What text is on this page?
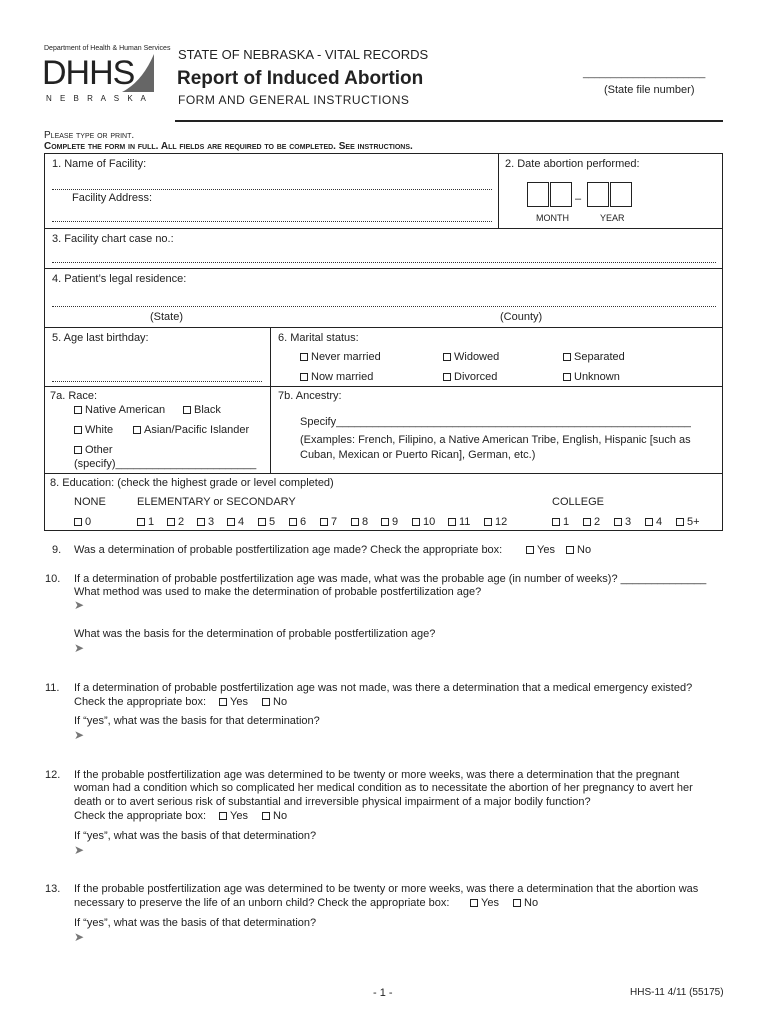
Department of Health & Human Services
DHHS
N E B R A S K A
STATE OF NEBRASKA - VITAL RECORDS
Report of Induced Abortion
FORM AND GENERAL INSTRUCTIONS
______________________
(State file number)
Please type or print.
Complete the form in full. All fields are required to be completed. See instructions.
1. Name of Facility:
Facility Address:
2. Date abortion performed:
–
MONTH	YEAR
3. Facility chart case no.:
4. Patient’s legal residence:
(State)	(County)
5. Age last birthday:	6. Marital status:
Never married	Widowed	Separated
Now married	Divorced	Unknown
7a. Race:
Native American	Black
White	Asian/Pacific Islander
Other
(specify)_______________________
7b. Ancestry:
Specify__________________________________________________________
(Examples: French, Filipino, a Native American Tribe, English, Hispanic [such as
Cuban, Mexican or Puerto Rican], German, etc.)
8. Education: (check the highest grade or level completed)
NONE	ELEMENTARY or SECONDARY	COLLEGE
0	1	2	3	4	5	6	7	8	9	10	11	12	1	2	3	4	5+
9. Was a determination of probable postfertilization age made? Check the appropriate box:	Yes	No
10. If a determination of probable postfertilization age was made, what was the probable age (in number of weeks)? ______________
What method was used to make the determination of probable postfertilization age?
➤
What was the basis for the determination of probable postfertilization age?
➤
11. If a determination of probable postfertilization age was not made, was there a determination that a medical emergency existed?
Check the appropriate box:	Yes	No
If “yes”, what was the basis for that determination?
➤
12. If the probable postfertilization age was determined to be twenty or more weeks, was there a determination that the pregnant
woman had a condition which so complicated her medical condition as to necessitate the abortion of her pregnancy to avert her
death or to avert serious risk of substantial and irreversible physical impairment of a major bodily function?
Check the appropriate box:	Yes	No
If “yes”, what was the basis of that determination?
➤
13. If the probable postfertilization age was determined to be twenty or more weeks, was there a determination that the abortion was
necessary to preserve the life of an unborn child? Check the appropriate box:	Yes	No
If “yes”, what was the basis of that determination?
➤
- 1 -	HHS-11 4/11 (55175)
